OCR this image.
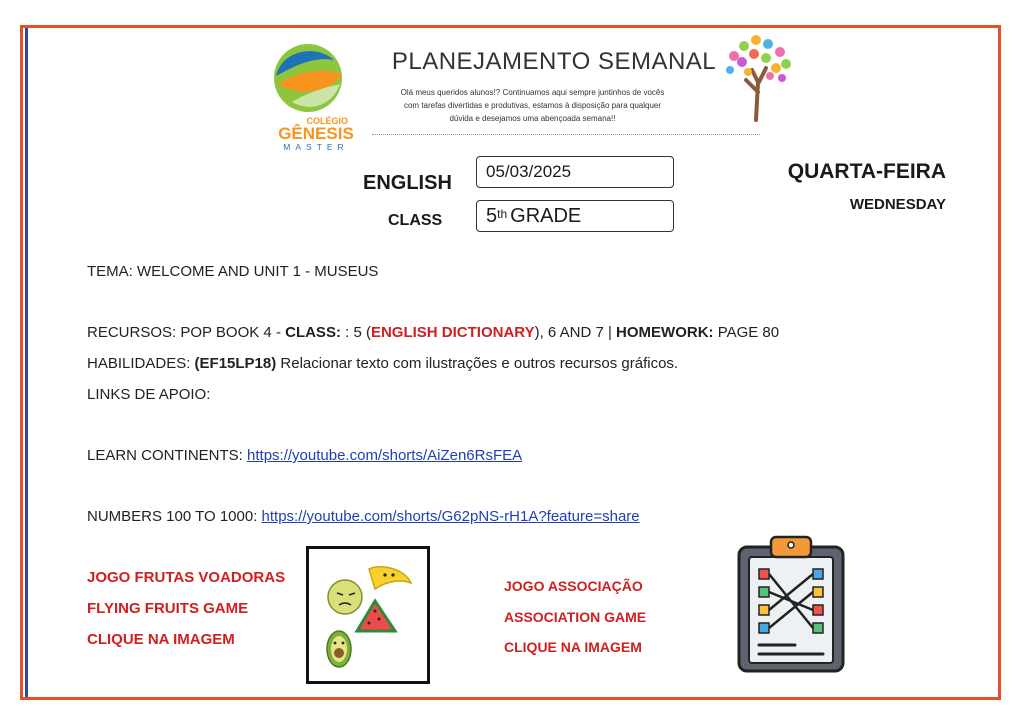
COLÉGIO
GÊNESIS
MASTER
PLANEJAMENTO SEMANAL
Olá meus queridos alunos!? Continuamos aqui sempre juntinhos de vocês
com tarefas divertidas e produtivas, estamos à disposição para qualquer
dúvida e desejamos uma abençoada semana!!
ENGLISH
CLASS
05/03/2025
5th GRADE
QUARTA-FEIRA
WEDNESDAY
TEMA: WELCOME AND UNIT 1 - MUSEUS
RECURSOS: POP BOOK 4 - CLASS: : 5 (ENGLISH DICTIONARY), 6 AND 7 | HOMEWORK: PAGE 80
HABILIDADES: (EF15LP18) Relacionar texto com ilustrações e outros recursos gráficos.
LINKS DE APOIO:
LEARN CONTINENTS: https://youtube.com/shorts/AiZen6RsFEA
NUMBERS 100 TO 1000: https://youtube.com/shorts/G62pNS-rH1A?feature=share
JOGO FRUTAS VOADORAS
FLYING FRUITS GAME
CLIQUE NA IMAGEM
JOGO ASSOCIAÇÃO
ASSOCIATION GAME
CLIQUE NA IMAGEM
